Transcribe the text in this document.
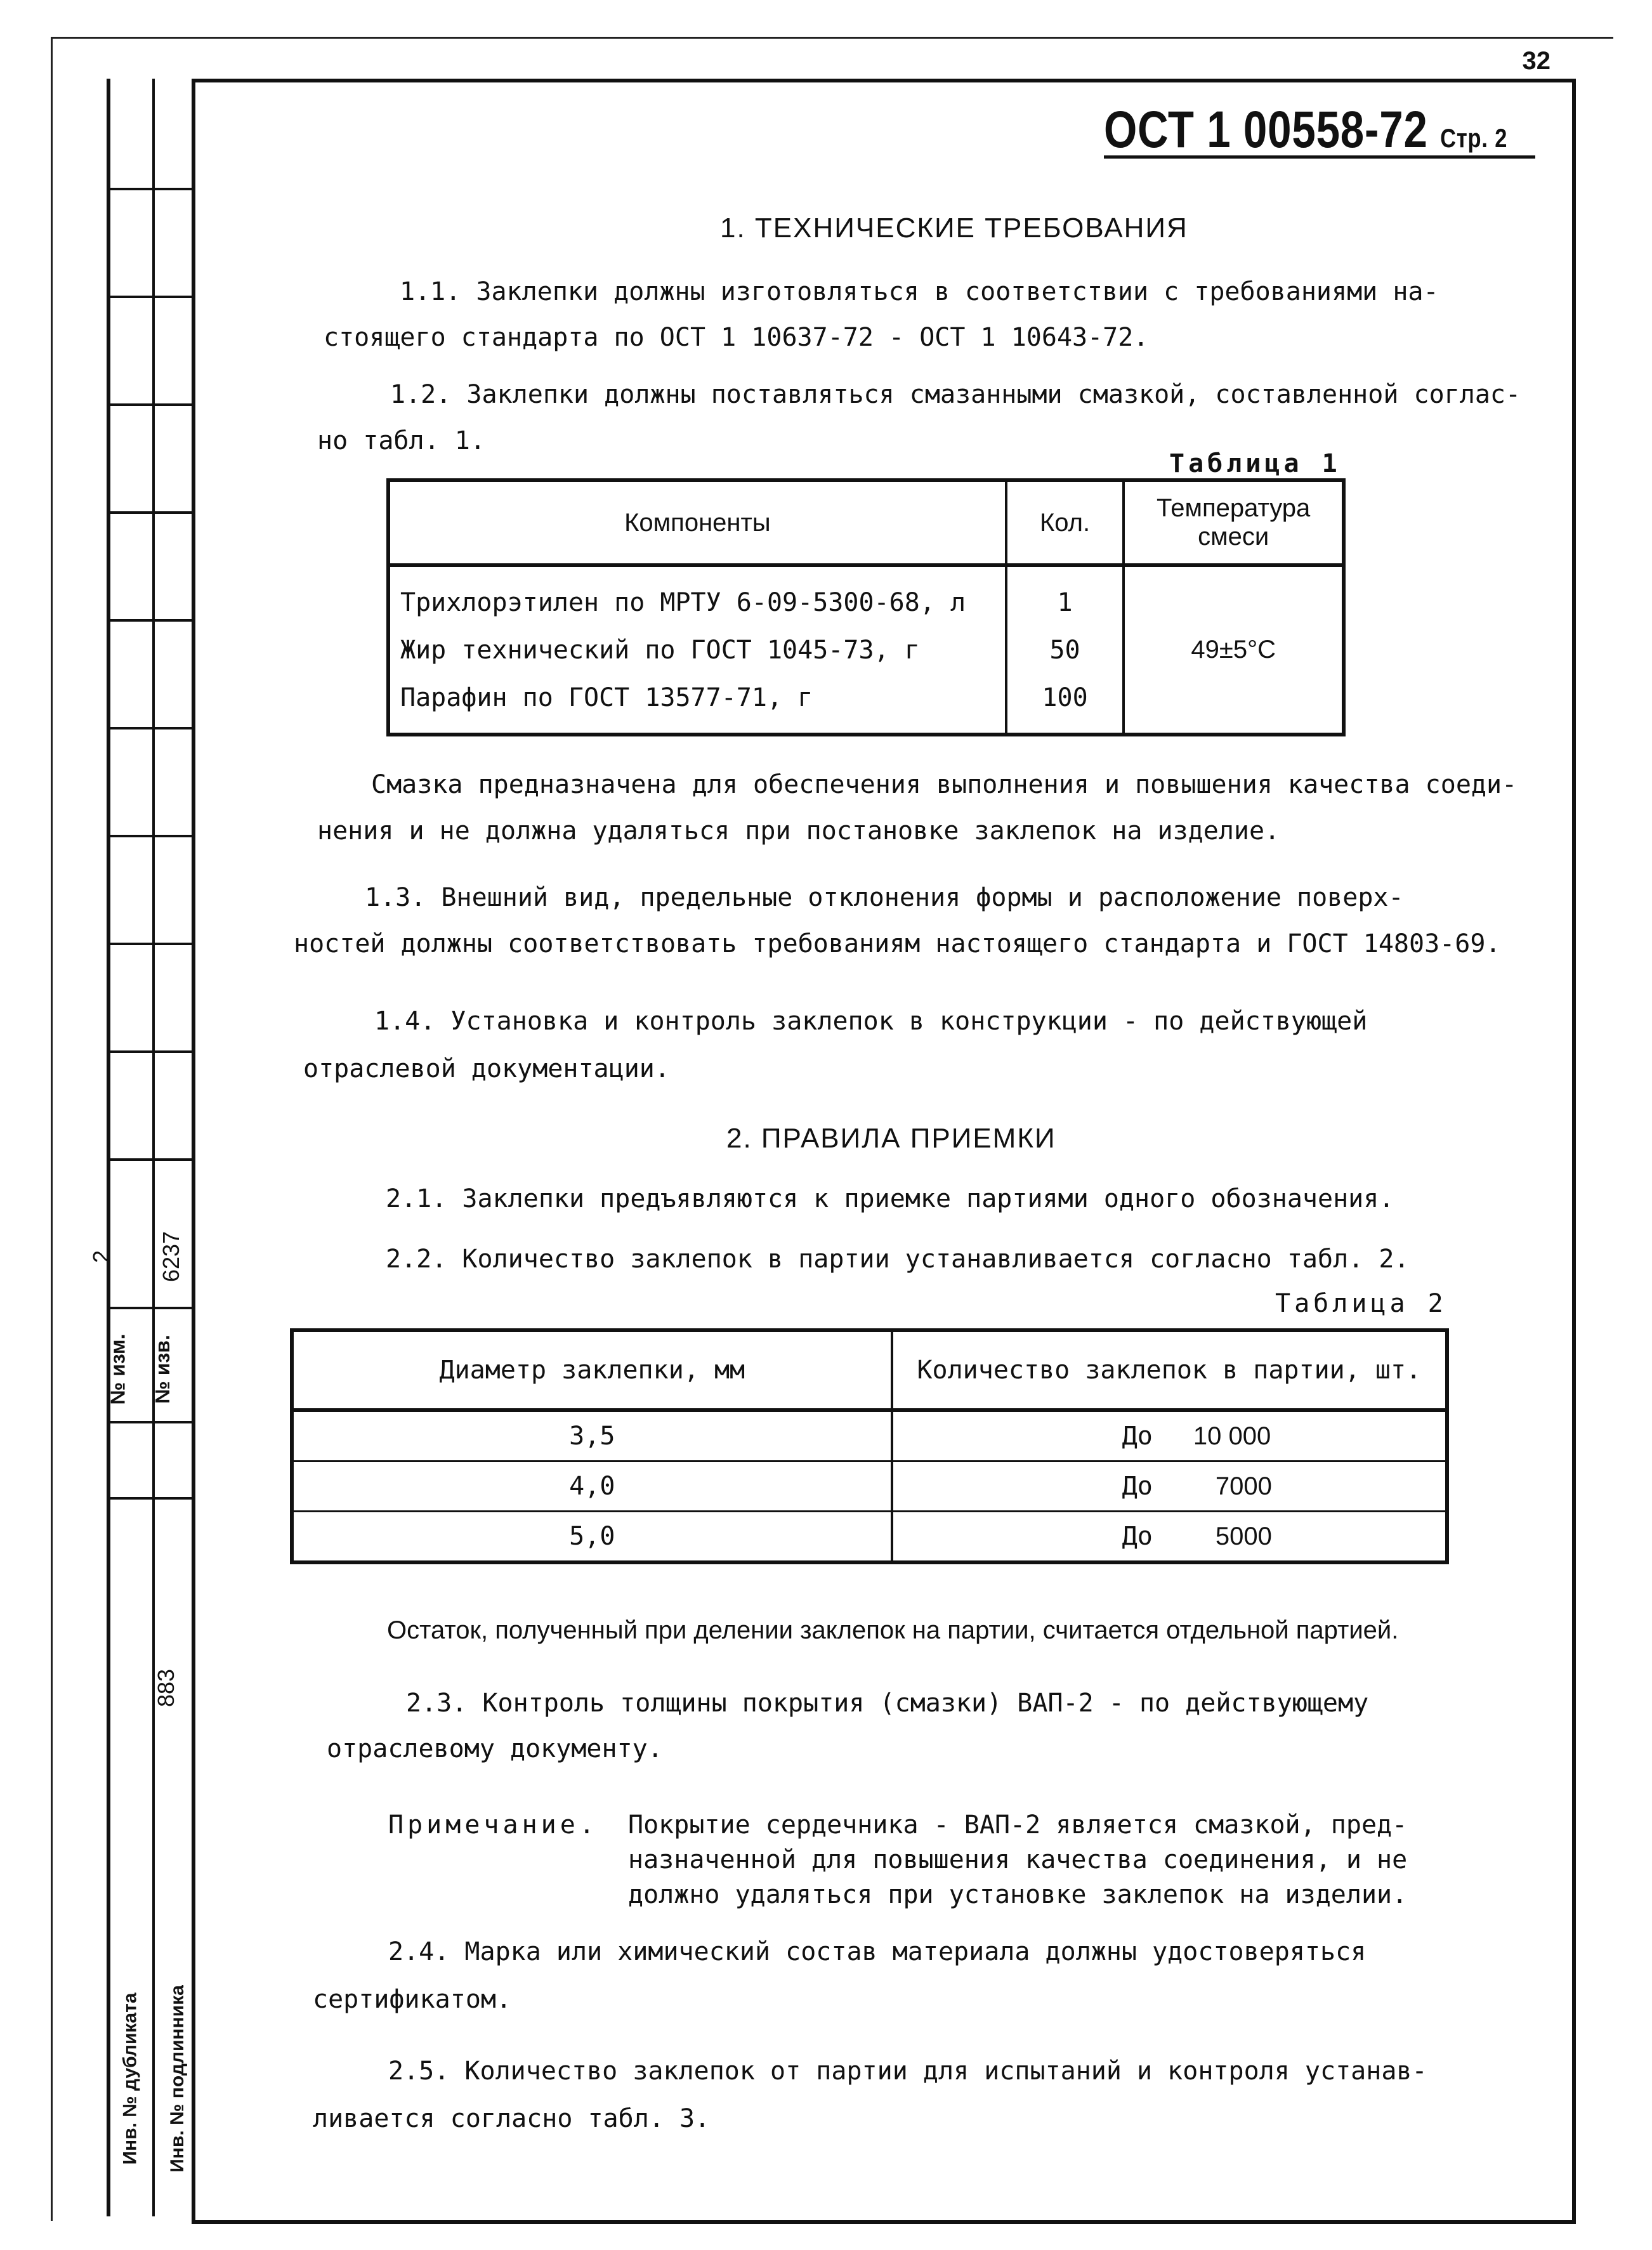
2 6237
№ изм. № изв.
883
Инв. № дубликата Инв. № подлинника
32
ОСТ 1 00558-72 Стр. 2
1. ТЕХНИЧЕСКИЕ ТРЕБОВАНИЯ
1.1. Заклепки должны изготовляться в соответствии с требованиями на-
стоящего стандарта по ОСТ 1 10637-72 - ОСТ 1 10643-72.
1.2. Заклепки должны поставляться смазанными смазкой, составленной соглас-
но табл. 1.
Таблица 1
Компоненты	Кол.	Температура смеси
Трихлорэтилен по МРТУ 6-09-5300-68, л	1	49±5°C
Жир технический по ГОСТ 1045-73, г	50	
Парафин по ГОСТ 13577-71, г	100	
Смазка предназначена для обеспечения выполнения и повышения качества соеди-
нения и не должна удаляться при постановке заклепок на изделие.
1.3. Внешний вид, предельные отклонения формы и расположение поверх-
ностей должны соответствовать требованиям настоящего стандарта и ГОСТ 14803-69.
1.4. Установка и контроль заклепок в конструкции - по действующей
отраслевой документации.
2. ПРАВИЛА ПРИЕМКИ
2.1. Заклепки предъявляются к приемке партиями одного обозначения.
2.2. Количество заклепок в партии устанавливается согласно табл. 2.
Таблица 2
Диаметр заклепки, мм	Количество заклепок в партии, шт.
3,5	До 10 000
4,0	До 7000
5,0	До 5000
Остаток, полученный при делении заклепок на партии, считается отдельной партией.
2.3. Контроль толщины покрытия (смазки) ВАП-2 - по действующему
отраслевому документу.
Примечание. Покрытие сердечника - ВАП-2 является смазкой, пред-
назначенной для повышения качества соединения, и не
должно удаляться при установке заклепок на изделии.
2.4. Марка или химический состав материала должны удостоверяться
сертификатом.
2.5. Количество заклепок от партии для испытаний и контроля устанав-
ливается согласно табл. 3.
